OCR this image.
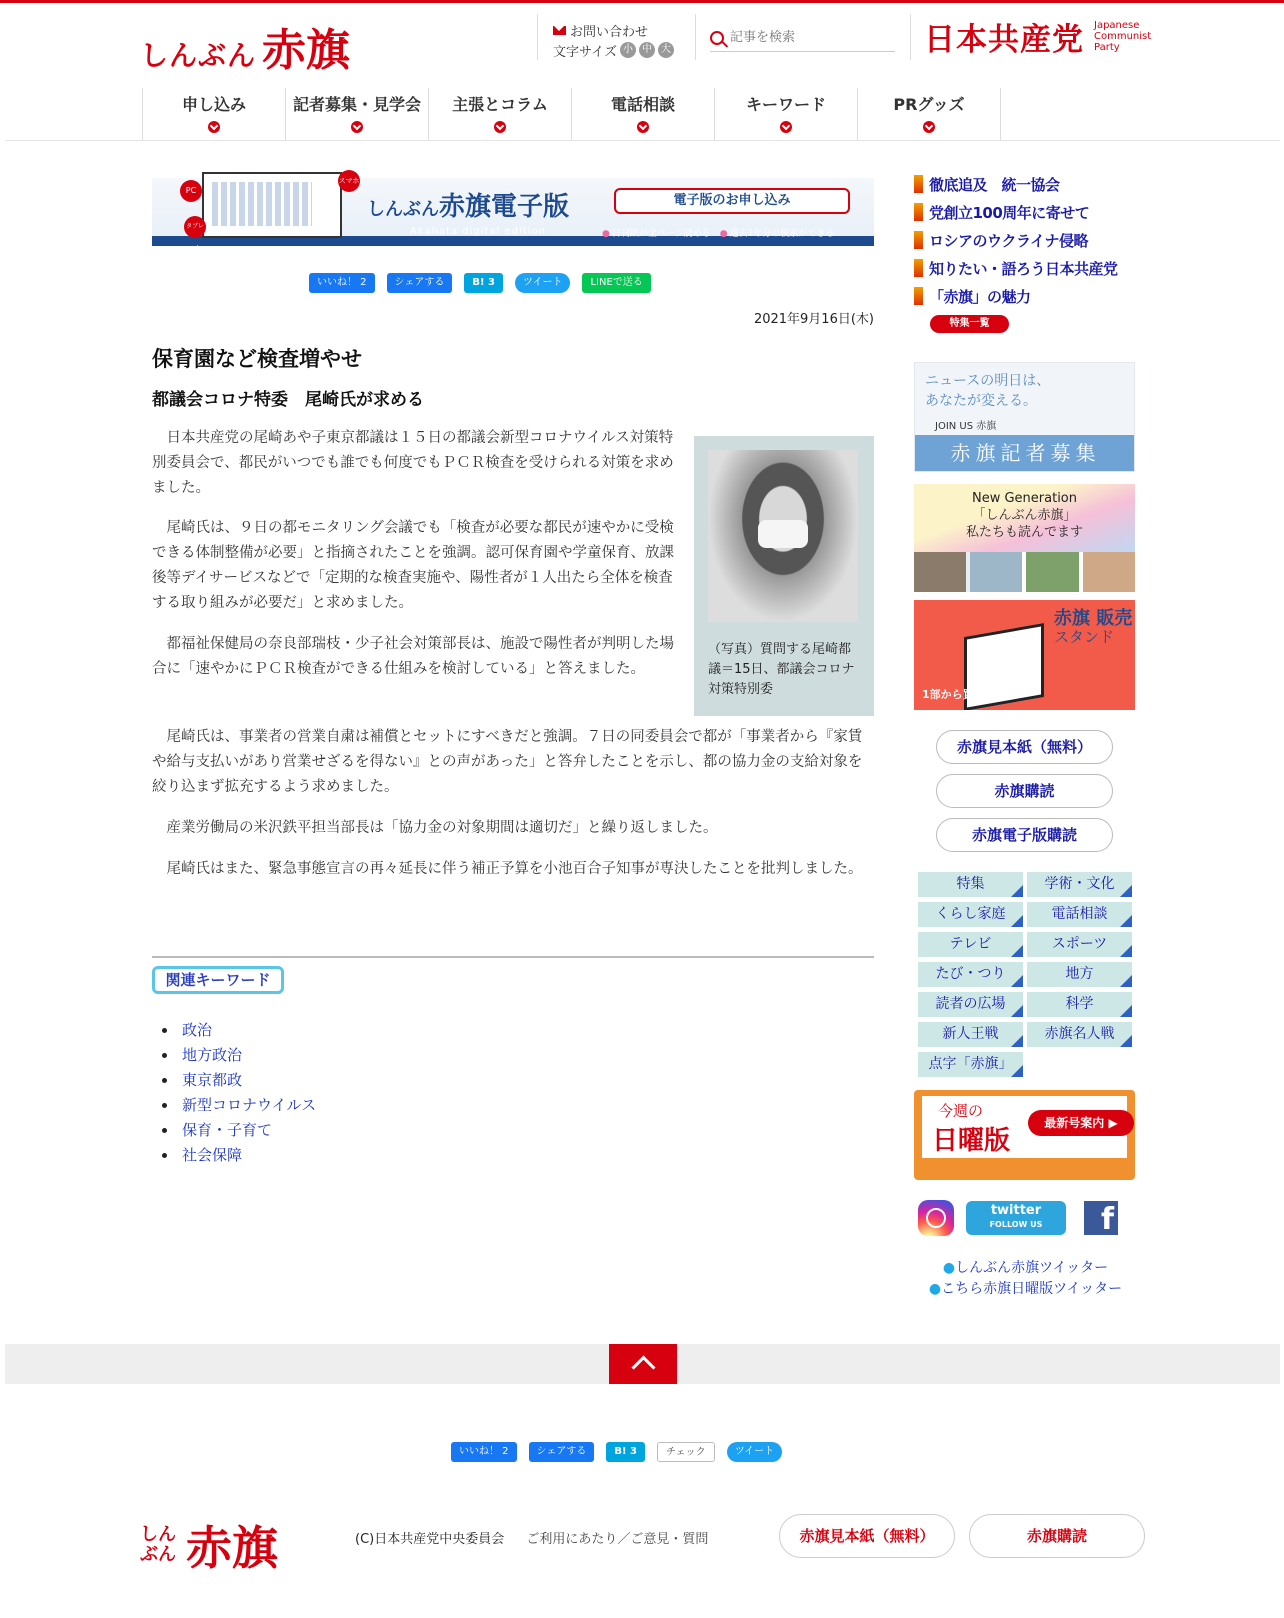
しんぶん 赤旗	お問い合わせ
文字サイズ 小 中 大
記事を検索	日本共産党 Japanese
Communist
Party
申し込み	記者募集・見学会	主張とコラム	電話相談	キーワード	PRグッズ
PC
タブレット
スマホ
しんぶん赤旗電子版
Akahata digital edition
電子版のお申し込み
● 日刊紙が全ページ読める　● 過去1年分の検索ができる
いいね！ 2	シェアする	B! 3	ツイート	LINEで送る
2021年9月16日(木)
保育園など検査増やせ
都議会コロナ特委　尾崎氏が求める

日本共産党の尾崎あや子東京都議は１５日の都議会新型コロナウイルス対策特別委員会で、都民がいつでも誰でも何度でもＰＣＲ検査を受けられる対策を求めました。

尾崎氏は、９日の都モニタリング会議でも「検査が必要な都民が速やかに受検できる体制整備が必要」と指摘されたことを強調。認可保育園や学童保育、放課後等デイサービスなどで「定期的な検査実施や、陽性者が１人出たら全体を検査する取り組みが必要だ」と求めました。

都福祉保健局の奈良部瑞枝・少子社会対策部長は、施設で陽性者が判明した場合に「速やかにＰＣＲ検査ができる仕組みを検討している」と答えました。

尾崎氏は、事業者の営業自粛は補償とセットにすべきだと強調。７日の同委員会で都が「事業者から『家賃や給与支払いがあり営業せざるを得ない』との声があった」と答弁したことを示し、都の協力金の支給対象を絞り込まず拡充するよう求めました。

産業労働局の米沢鉄平担当部長は「協力金の対象期間は適切だ」と繰り返しました。

尾崎氏はまた、緊急事態宣言の再々延長に伴う補正予算を小池百合子知事が専決したことを批判しました。

（写真）質問する尾崎都議＝15日、都議会コロナ対策特別委
関連キーワード
• 政治
• 地方政治
• 東京都政
• 新型コロナウイルス
• 保育・子育て
• 社会保障
徹底追及　統一協会
党創立100周年に寄せて
ロシアのウクライナ侵略
知りたい・語ろう日本共産党
「赤旗」の魅力
特集一覧
ニュースの明日は、
あなたが変える。
JOIN US 赤旗
赤旗記者募集
New Generation
「しんぶん赤旗」
私たちも読んでます
赤旗 販売
スタンド
1部から買えます！
赤旗見本紙（無料）
赤旗購読
赤旗電子版購読
特集	学術・文化
くらし家庭	電話相談
テレビ	スポーツ
たび・つり	地方
読者の広場	科学
新人王戦	赤旗名人戦
点字「赤旗」
今週の
日曜版
最新号案内 ▶
twitter
FOLLOW US	f
● しんぶん赤旗ツイッター
● こちら赤旗日曜版ツイッター
いいね！ 2	シェアする	B! 3	チェック	ツイート
しんぶん 赤旗	(C)日本共産党中央委員会 ご利用にあたり／ご意見・質問	赤旗見本紙（無料）	赤旗購読
